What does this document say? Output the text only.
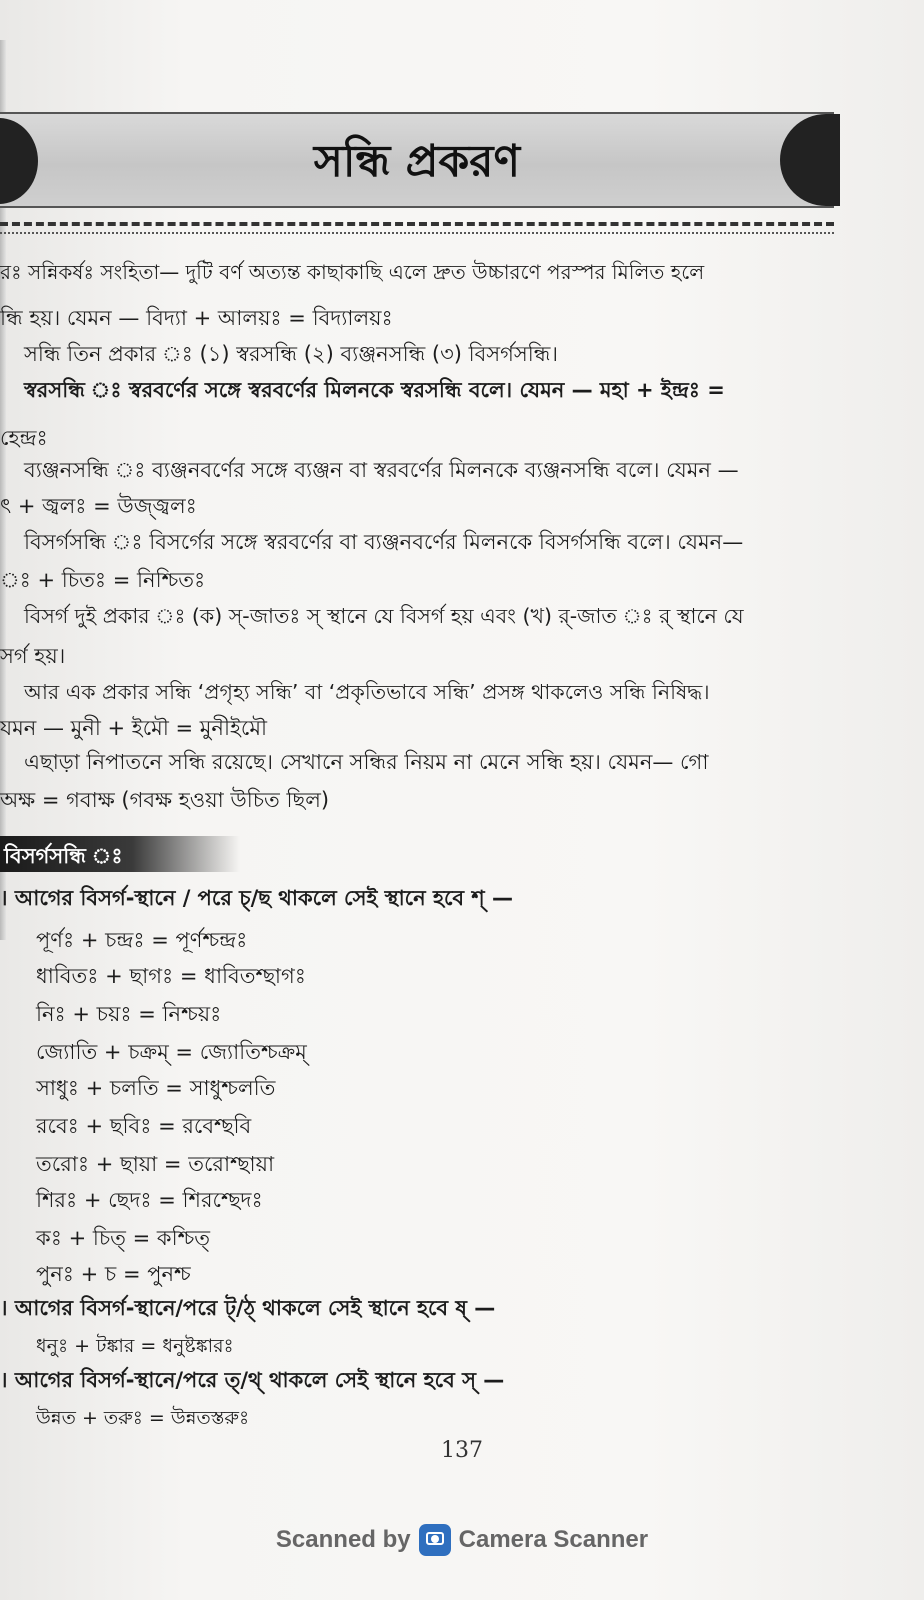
সন্ধি প্রকরণ
রঃ সন্নিকর্ষঃ সংহিতা— দুটি বর্ণ অত্যন্ত কাছাকাছি এলে দ্রুত উচ্চারণে পরস্পর মিলিত হলে
ন্ধি হয়। যেমন — বিদ্যা + আলয়ঃ = বিদ্যালয়ঃ
সন্ধি তিন প্রকার ঃ (১) স্বরসন্ধি (২) ব্যঞ্জনসন্ধি (৩) বিসর্গসন্ধি।
স্বরসন্ধি ঃ স্বরবর্ণের সঙ্গে স্বরবর্ণের মিলনকে স্বরসন্ধি বলে। যেমন — মহা + ইন্দ্রঃ =
হেন্দ্রঃ
ব্যঞ্জনসন্ধি ঃ ব্যঞ্জনবর্ণের সঙ্গে ব্যঞ্জন বা স্বরবর্ণের মিলনকে ব্যঞ্জনসন্ধি বলে। যেমন —
ৎ + জ্বলঃ = উজ্জ্বলঃ
বিসর্গসন্ধি ঃ বিসর্গের সঙ্গে স্বরবর্ণের বা ব্যঞ্জনবর্ণের মিলনকে বিসর্গসন্ধি বলে। যেমন—
ঃ + চিতঃ = নিশ্চিতঃ
বিসর্গ দুই প্রকার ঃ (ক) স্-জাতঃ স্ স্থানে যে বিসর্গ হয় এবং (খ) র্-জাত ঃ র্ স্থানে যে
সর্গ হয়।
আর এক প্রকার সন্ধি ‘প্রগৃহ্য সন্ধি’ বা ‘প্রকৃতিভাবে সন্ধি’ প্রসঙ্গ থাকলেও সন্ধি নিষিদ্ধ।
যমন — মুনী + ইমৌ = মুনীইমৌ
এছাড়া নিপাতনে সন্ধি রয়েছে। সেখানে সন্ধির নিয়ম না মেনে সন্ধি হয়। যেমন— গো
অক্ষ = গবাক্ষ (গবক্ষ হওয়া উচিত ছিল)
বিসর্গসন্ধি ঃ
। আগের বিসর্গ-স্থানে / পরে চ্/ছ থাকলে সেই স্থানে হবে শ্ —
পূর্ণঃ + চন্দ্রঃ = পূর্ণশ্চন্দ্রঃ
ধাবিতঃ + ছাগঃ = ধাবিতশ্ছাগঃ
নিঃ + চয়ঃ = নিশ্চয়ঃ
জ্যোতি + চক্রম্ = জ্যোতিশ্চক্রম্
সাধুঃ + চলতি = সাধুশ্চলতি
রবেঃ + ছবিঃ = রবেশ্ছবি
তরোঃ + ছায়া = তরোশ্ছায়া
শিরঃ + ছেদঃ = শিরশ্ছেদঃ
কঃ + চিত্ = কশ্চিত্
পুনঃ + চ = পুনশ্চ
। আগের বিসর্গ-স্থানে/পরে ট্/ঠ্ থাকলে সেই স্থানে হবে ষ্ —
ধনুঃ + টঙ্কার = ধনুষ্টঙ্কারঃ
। আগের বিসর্গ-স্থানে/পরে ত্/থ্ থাকলে সেই স্থানে হবে স্ —
উন্নত + তরুঃ = উন্নতস্তরুঃ
137
Scanned by Camera Scanner
